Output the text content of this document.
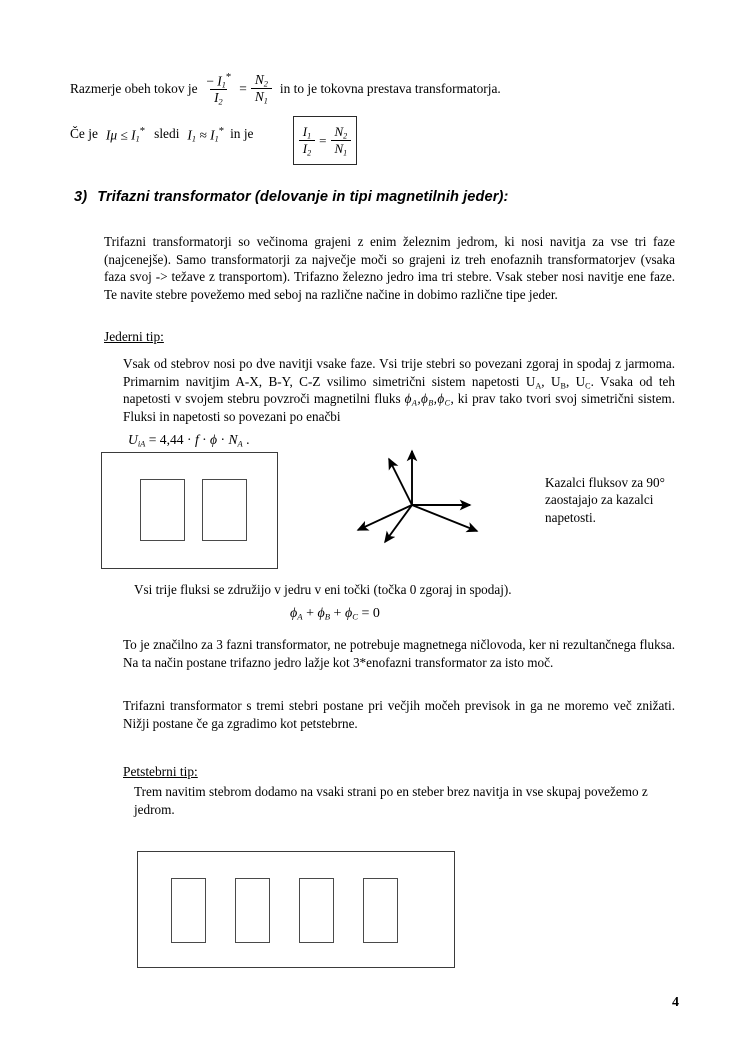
Razmerje obeh tokov je $\frac{- I_1^*}{I_2} = \frac{N_2}{N_1}$ in to je tokovna prestava transformatorja.
Če je $I\mu \le I_1^*$ sledi $I_1 \approx I_1^*$ in je	$\frac{I_1}{I_2} = \frac{N_2}{N_1}$
3) Trifazni transformator (delovanje in tipi magnetilnih jeder):
Trifazni transformatorji so večinoma grajeni z enim železnim jedrom, ki nosi navitja za vse tri faze (najcenejše). Samo transformatorji za največje moči so grajeni iz treh enofaznih transformatorjev (vsaka faza svoj -> težave z transportom). Trifazno železno jedro ima tri stebre. Vsak steber nosi navitje ene faze. Te navite stebre povežemo med seboj na različne načine in dobimo različne tipe jeder.
Jederni tip:
Vsak od stebrov nosi po dve navitji vsake faze. Vsi trije stebri so povezani zgoraj in spodaj z jarmoma. Primarnim navitjim A-X, B-Y, C-Z vsilimo simetrični sistem napetosti $U_A$, $U_B$, $U_C$. Vsaka od teh napetosti v svojem stebru povzroči magnetilni fluks $\phi_A,\phi_B,\phi_C$, ki prav tako tvori svoj simetrični sistem. Fluksi in napetosti so povezani po enačbi
$U_{iA} = 4,44 \cdot f \cdot \phi \cdot N_A$ .
Kazalci fluksov za 90° zaostajajo za kazalci napetosti.
Vsi trije fluksi se združijo v jedru v eni točki (točka 0 zgoraj in spodaj).
$\phi_A + \phi_B + \phi_C = 0$
To je značilno za 3 fazni transformator, ne potrebuje magnetnega ničlovoda, ker ni rezultančnega fluksa. Na ta način postane trifazno jedro lažje kot 3*enofazni transformator za isto moč.
Trifazni transformator s tremi stebri postane pri večjih močeh previsok in ga ne moremo več znižati. Nižji postane če ga zgradimo kot petstebrne.
Petstebrni tip:
Trem navitim stebrom dodamo na vsaki strani po en steber brez navitja in vse skupaj povežemo z jedrom.
4
